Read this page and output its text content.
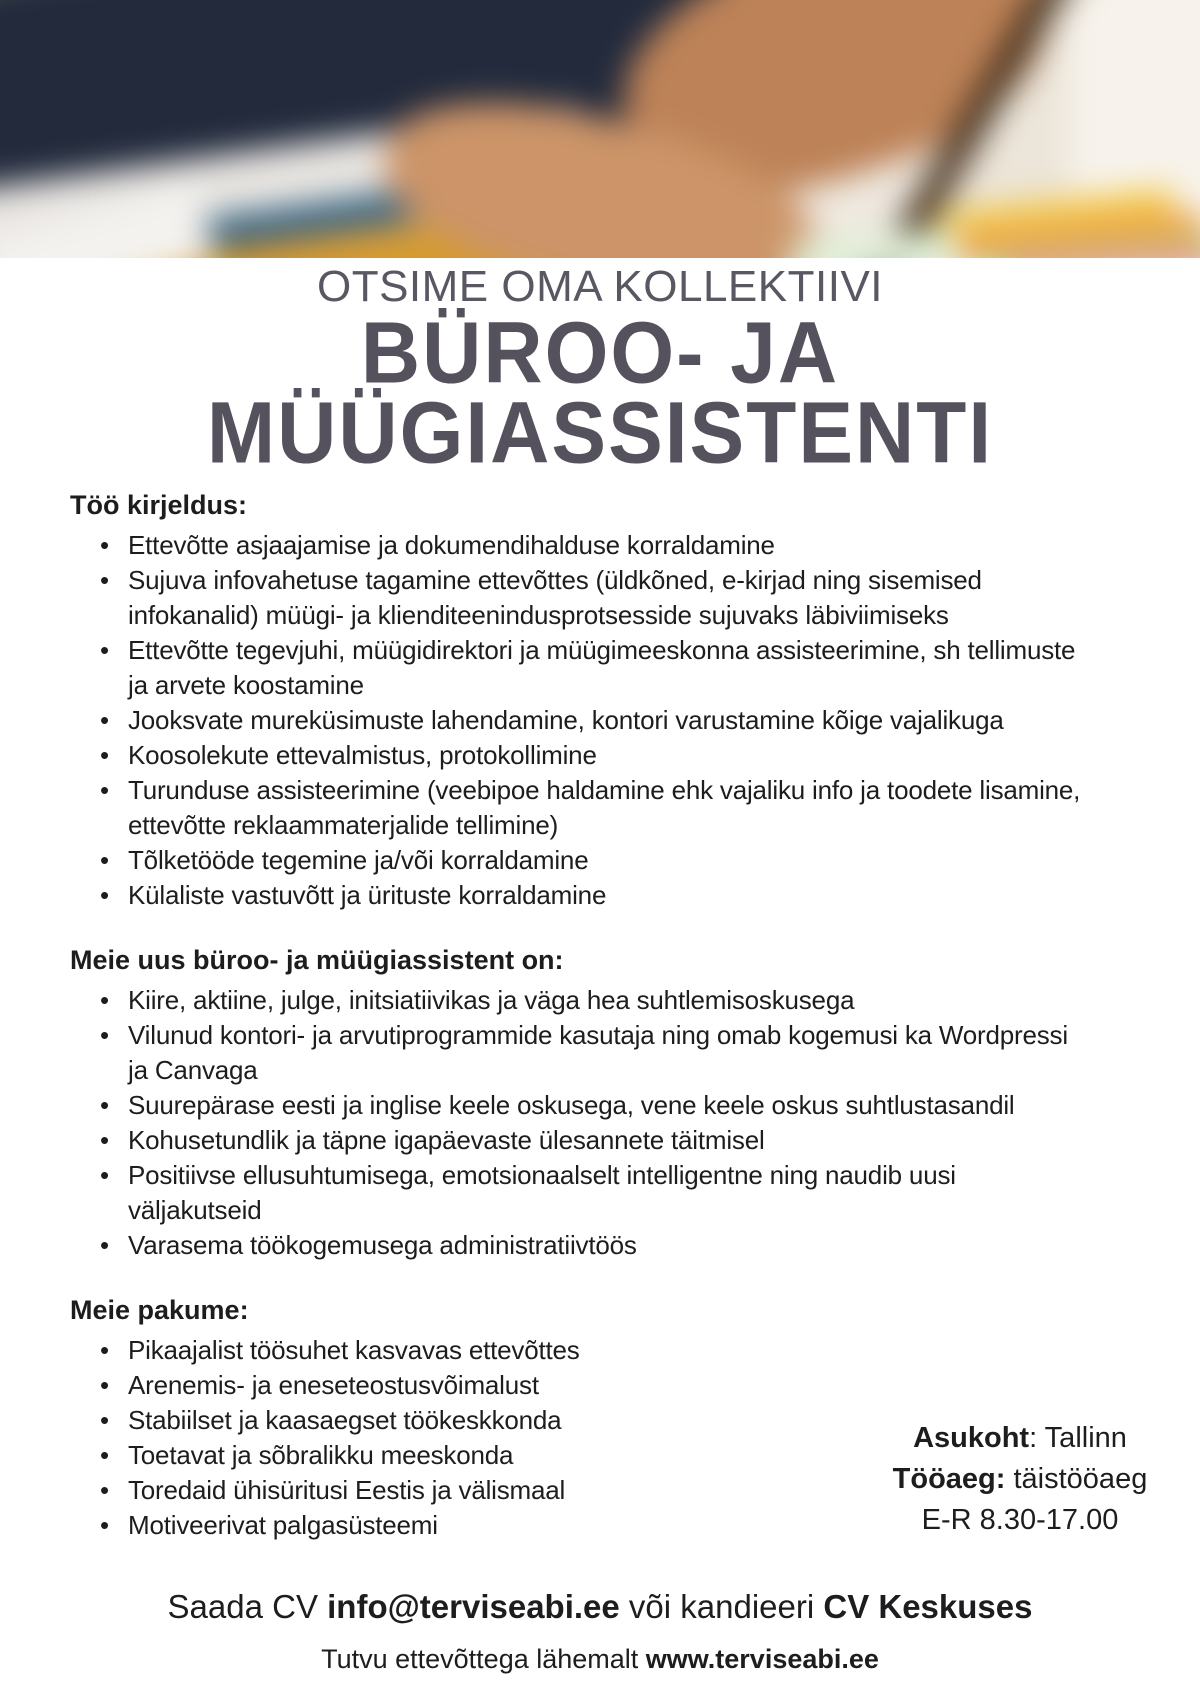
OTSIME OMA KOLLEKTIIVI
BÜROO- JA
MÜÜGIASSISTENTI
Töö kirjeldus:
• Ettevõtte asjaajamise ja dokumendihalduse korraldamine
• Sujuva infovahetuse tagamine ettevõttes (üldkõned, e-kirjad ning sisemised infokanalid) müügi- ja klienditeenindusprotsesside sujuvaks läbiviimiseks
• Ettevõtte tegevjuhi, müügidirektori ja müügimeeskonna assisteerimine, sh tellimuste ja arvete koostamine
• Jooksvate mureküsimuste lahendamine, kontori varustamine kõige vajalikuga
• Koosolekute ettevalmistus, protokollimine
• Turunduse assisteerimine (veebipoe haldamine ehk vajaliku info ja toodete lisamine, ettevõtte reklaammaterjalide tellimine)
• Tõlketööde tegemine ja/või korraldamine
• Külaliste vastuvõtt ja ürituste korraldamine
Meie uus büroo- ja müügiassistent on:
• Kiire, aktiine, julge, initsiatiivikas ja väga hea suhtlemisoskusega
• Vilunud kontori- ja arvutiprogrammide kasutaja ning omab kogemusi ka Wordpressi ja Canvaga
• Suurepärase eesti ja inglise keele oskusega, vene keele oskus suhtlustasandil
• Kohusetundlik ja täpne igapäevaste ülesannete täitmisel
• Positiivse ellusuhtumisega, emotsionaalselt intelligentne ning naudib uusi väljakutseid
• Varasema töökogemusega administratiivtöös
Meie pakume:
• Pikaajalist töösuhet kasvavas ettevõttes
• Arenemis- ja eneseteostusvõimalust
• Stabiilset ja kaasaegset töökeskkonda
• Toetavat ja sõbralikku meeskonda
• Toredaid ühisüritusi Eestis ja välismaal
• Motiveerivat palgasüsteemi
Asukoht: Tallinn
Tööaeg: täistööaeg
E-R 8.30-17.00

Saada CV info@terviseabi.ee või kandieeri CV Keskuses

Tutvu ettevõttega lähemalt www.terviseabi.ee
